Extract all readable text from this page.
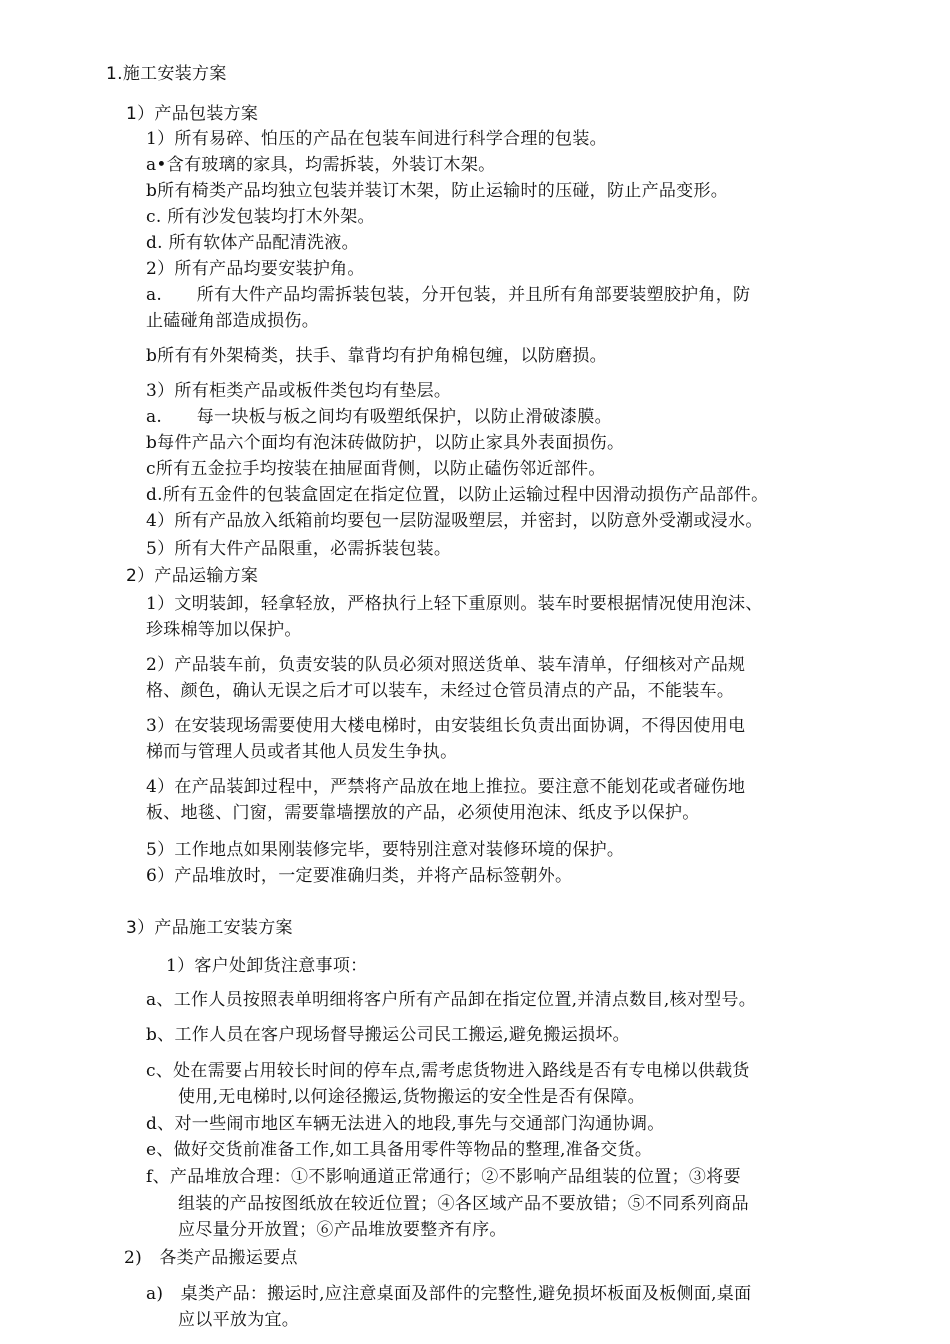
1.施工安装方案

1）产品包装方案

1）所有易碎、怕压的产品在包装车间进行科学合理的包装。

a•含有玻璃的家具，均需拆装，外装订木架。

b所有椅类产品均独立包装并装订木架，防止运输时的压碰，防止产品变形。

c. 所有沙发包装均打木外架。

d. 所有软体产品配清洗液。

2）所有产品均要安装护角。

a.　　所有大件产品均需拆装包装，分开包装，并且所有角部要装塑胶护角，防

止磕碰角部造成损伤。

b所有有外架椅类，扶手、靠背均有护角棉包缠，以防磨损。

3）所有柜类产品或板件类包均有垫层。

a.　　每一块板与板之间均有吸塑纸保护，以防止滑破漆膜。

b每件产品六个面均有泡沫砖做防护，以防止家具外表面损伤。

c所有五金拉手均按装在抽屉面背侧，以防止磕伤邻近部件。

d.所有五金件的包装盒固定在指定位置，以防止运输过程中因滑动损伤产品部件。

4）所有产品放入纸箱前均要包一层防湿吸塑层，并密封，以防意外受潮或浸水。

5）所有大件产品限重，必需拆装包装。

2）产品运输方案

1）文明装卸，轻拿轻放，严格执行上轻下重原则。装车时要根据情况使用泡沫、

珍珠棉等加以保护。

2）产品装车前，负责安装的队员必须对照送货单、装车清单，仔细核对产品规

格、颜色，确认无误之后才可以装车，未经过仓管员清点的产品，不能装车。

3）在安装现场需要使用大楼电梯时，由安装组长负责出面协调，不得因使用电

梯而与管理人员或者其他人员发生争执。

4）在产品装卸过程中，严禁将产品放在地上推拉。要注意不能划花或者碰伤地

板、地毯、门窗，需要靠墙摆放的产品，必须使用泡沫、纸皮予以保护。

5）工作地点如果刚装修完毕，要特别注意对装修环境的保护。

6）产品堆放时，一定要准确归类，并将产品标签朝外。

3）产品施工安装方案

1）客户处卸货注意事项：

a、工作人员按照表单明细将客户所有产品卸在指定位置,并清点数目,核对型号。

b、工作人员在客户现场督导搬运公司民工搬运,避免搬运损坏。

c、处在需要占用较长时间的停车点,需考虑货物进入路线是否有专电梯以供载货

使用,无电梯时,以何途径搬运,货物搬运的安全性是否有保障。

d、对一些闹市地区车辆无法进入的地段,事先与交通部门沟通协调。

e、做好交货前准备工作,如工具备用零件等物品的整理,准备交货。

f、产品堆放合理：①不影响通道正常通行；②不影响产品组装的位置；③将要

组装的产品按图纸放在较近位置；④各区域产品不要放错；⑤不同系列商品

应尽量分开放置；⑥产品堆放要整齐有序。

2)　各类产品搬运要点

a)　桌类产品：搬运时,应注意桌面及部件的完整性,避免损坏板面及板侧面,桌面

应以平放为宜。
